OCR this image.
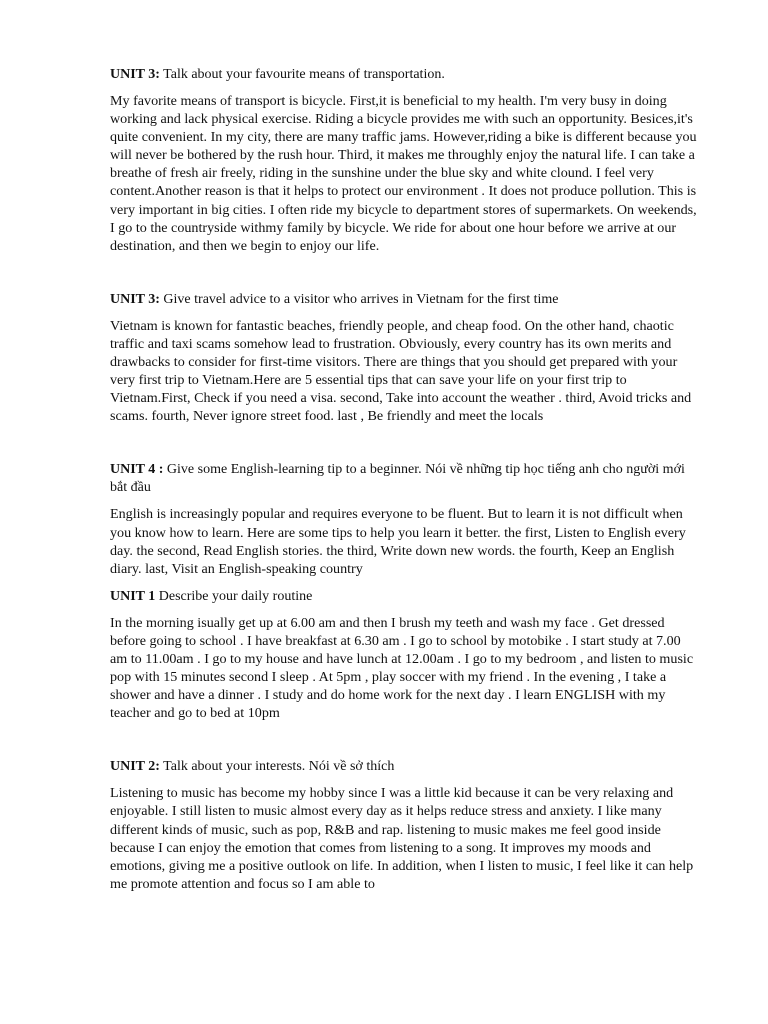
UNIT 3: Talk about your favourite means of transportation.

My favorite means of transport is bicycle. First,it is beneficial to my health. I'm very busy in doing working and lack physical exercise. Riding a bicycle provides me with such an opportunity. Besices,it's quite convenient. In my city, there are many traffic jams. However,riding a bike is different because you will never be bothered by the rush hour. Third, it makes me throughly enjoy the natural life. I can take a breathe of fresh air freely, riding in the sunshine under the blue sky and white clound. I feel very content.Another reason is that it helps to protect our environment . It does not produce pollution. This is very important in big cities. I often ride my bicycle to department stores of supermarkets. On weekends, I go to the countryside withmy family by bicycle. We ride for about one hour before we arrive at our destination, and then we begin to enjoy our life.

UNIT 3: Give travel advice to a visitor who arrives in Vietnam for the first time

Vietnam is known for fantastic beaches, friendly people, and cheap food. On the other hand, chaotic traffic and taxi scams somehow lead to frustration. Obviously, every country has its own merits and drawbacks to consider for first-time visitors. There are things that you should get prepared with your very first trip to Vietnam.Here are 5 essential tips that can save your life on your first trip to Vietnam.First, Check if you need a visa. second, Take into account the weather . third, Avoid tricks and scams. fourth, Never ignore street food. last , Be friendly and meet the locals

UNIT 4 : Give some English-learning tip to a beginner. Nói về những tip học tiếng anh cho người mới bắt đầu

English is increasingly popular and requires everyone to be fluent. But to learn it is not difficult when you know how to learn. Here are some tips to help you learn it better. the first, Listen to English every day. the second, Read English stories. the third, Write down new words. the fourth, Keep an English diary. last, Visit an English-speaking country

UNIT 1 Describe your daily routine

In the morning isually get up at 6.00 am and then I brush my teeth and wash my face . Get dressed before going to school . I have breakfast at 6.30 am . I go to school by motobike . I start study at 7.00 am to 11.00am . I go to my house and have lunch at 12.00am . I go to my bedroom , and listen to music pop with 15 minutes second I sleep . At 5pm , play soccer with my friend . In the evening , I take a shower and have a dinner . I study and do home work for the next day . I learn ENGLISH with my teacher and go to bed at 10pm

UNIT 2: Talk about your interests. Nói về sở thích

Listening to music has become my hobby since I was a little kid because it can be very relaxing and enjoyable. I still listen to music almost every day as it helps reduce stress and anxiety. I like many different kinds of music, such as pop, R&B and rap. listening to music makes me feel good inside because I can enjoy the emotion that comes from listening to a song. It improves my moods and emotions, giving me a positive outlook on life. In addition, when I listen to music, I feel like it can help me promote attention and focus so I am able to
